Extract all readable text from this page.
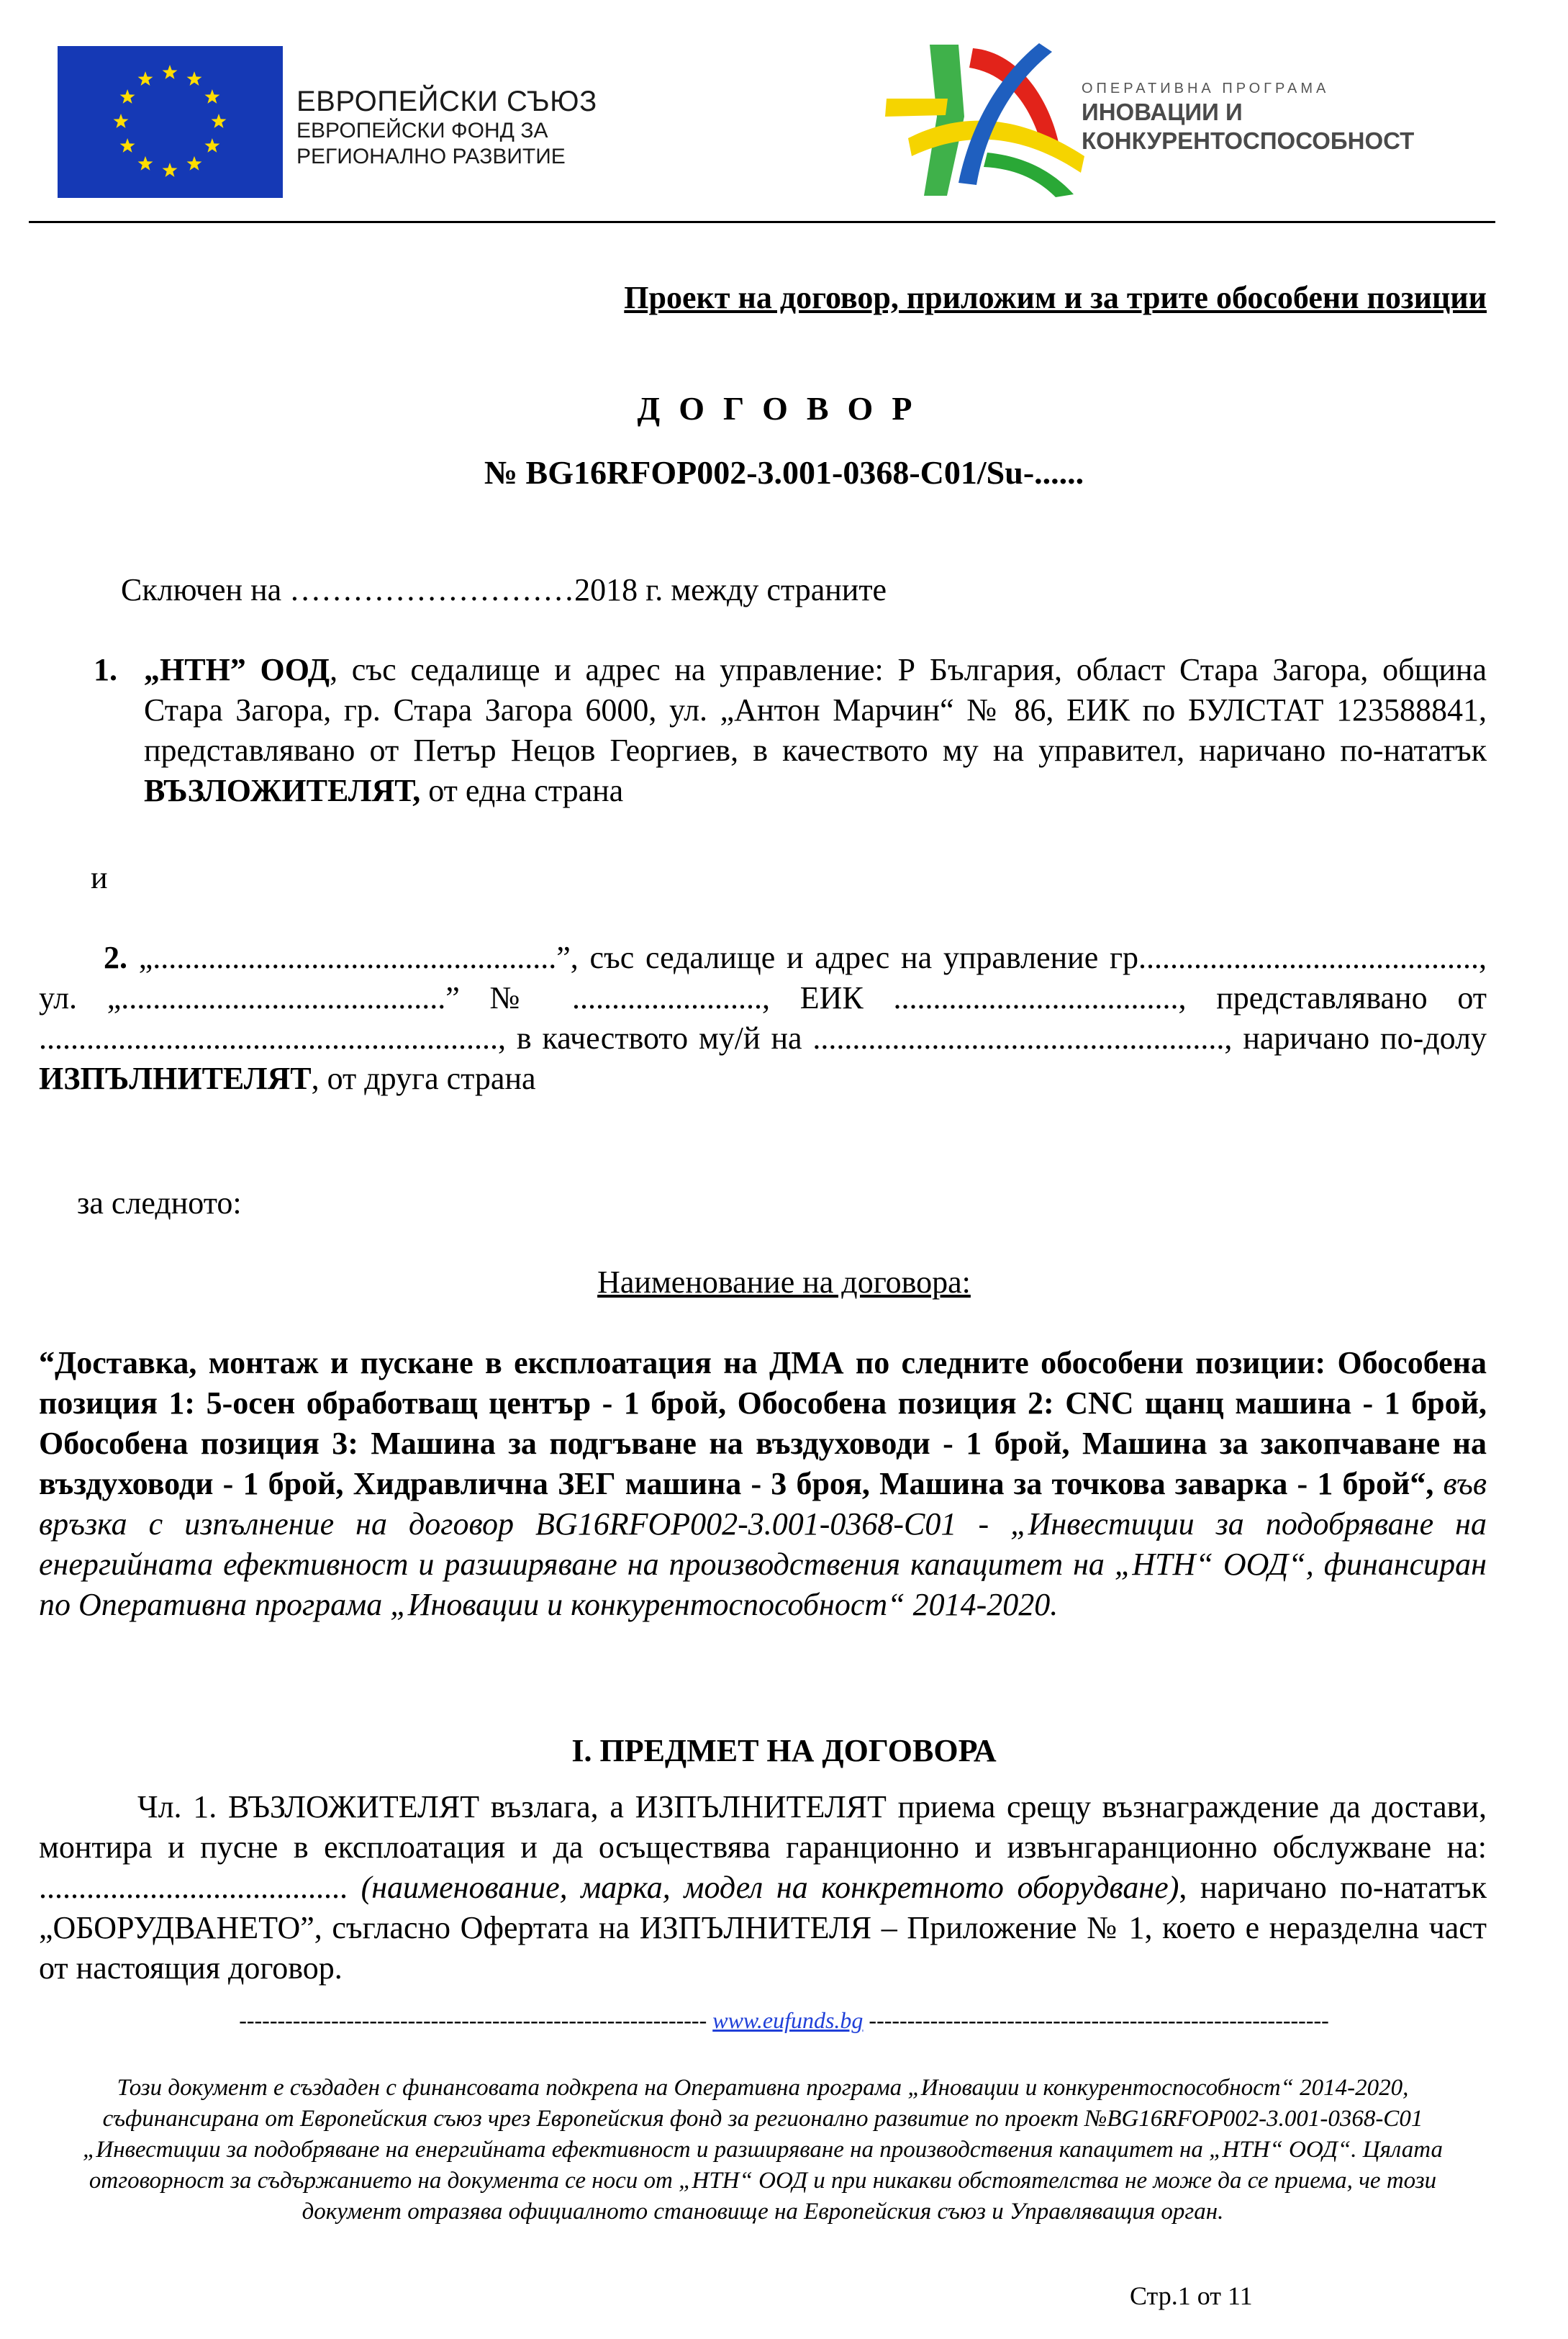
ЕВРОПЕЙСКИ СЪЮЗ
ЕВРОПЕЙСКИ ФОНД ЗА
РЕГИОНАЛНО РАЗВИТИЕ
ОПЕРАТИВНА ПРОГРАМА
ИНОВАЦИИ И
КОНКУРЕНТОСПОСОБНОСТ
Проект на договор, приложим и за трите обособени позиции
ДОГОВОР
№ BG16RFOP002-3.001-0368-C01/Su-......
Сключен на ………………………2018 г. между страните
1. „НТН” ООД, със седалище и адрес на управление: Р България, област Стара Загора, община Стара Загора, гр. Стара Загора 6000, ул. „Антон Марчин“ № 86, ЕИК по БУЛСТАТ 123588841, представлявано от Петър Нецов Георгиев, в качеството му на управител, наричано по-нататък ВЪЗЛОЖИТЕЛЯТ, от една страна
и
2. „...................................................”, със седалище и адрес на управление гр..........................................., ул. „.........................................” № ........................, ЕИК ...................................., представлявано от .........................................................., в качеството му/й на ...................................................., наричано по-долу ИЗПЪЛНИТЕЛЯТ, от друга страна
за следното:
Наименование на договора:
“Доставка, монтаж и пускане в експлоатация на ДМА по следните обособени позиции: Обособена позиция 1: 5-осен обработващ център - 1 брой, Обособена позиция 2: CNC щанц машина - 1 брой, Обособена позиция 3: Машина за подгъване на въздуховоди - 1 брой, Машина за закопчаване на въздуховоди - 1 брой, Хидравлична ЗЕГ машина - 3 броя, Машина за точкова заварка - 1 брой“, във връзка с изпълнение на договор BG16RFOP002-3.001-0368-C01 - „Инвестиции за подобряване на енергийната ефективност и разширяване на производствения капацитет на „НТН“ ООД“, финансиран по Оперативна програма „Иновации и конкурентоспособност“ 2014-2020.
I. ПРЕДМЕТ НА ДОГОВОРА
Чл. 1. ВЪЗЛОЖИТЕЛЯТ възлага, а ИЗПЪЛНИТЕЛЯТ приема срещу възнаграждение да достави, монтира и пусне в експлоатация и да осъществява гаранционно и извънгаранционно обслужване на: ....................................... (наименование, марка, модел на конкретното оборудване), наричано по-нататък „ОБОРУДВАНЕТО”, съгласно Офертата на ИЗПЪЛНИТЕЛЯ – Приложение № 1, което е неразделна част от настоящия договор.
------------------------------------------------------------- www.eufunds.bg ------------------------------------------------------------
Този документ е създаден с финансовата подкрепа на Оперативна програма „Иновации и конкурентоспособност“ 2014-2020, съфинансирана от Европейския съюз чрез Европейския фонд за регионално развитие по проект №BG16RFOP002-3.001-0368-C01 „Инвестиции за подобряване на енергийната ефективност и разширяване на производствения капацитет на „НТН“ ООД“. Цялата отговорност за съдържанието на документа се носи от „НТН“ ООД и при никакви обстоятелства не може да се приема, че този документ отразява официалното становище на Европейския съюз и Управляващия орган.
Стр.1 от 11
